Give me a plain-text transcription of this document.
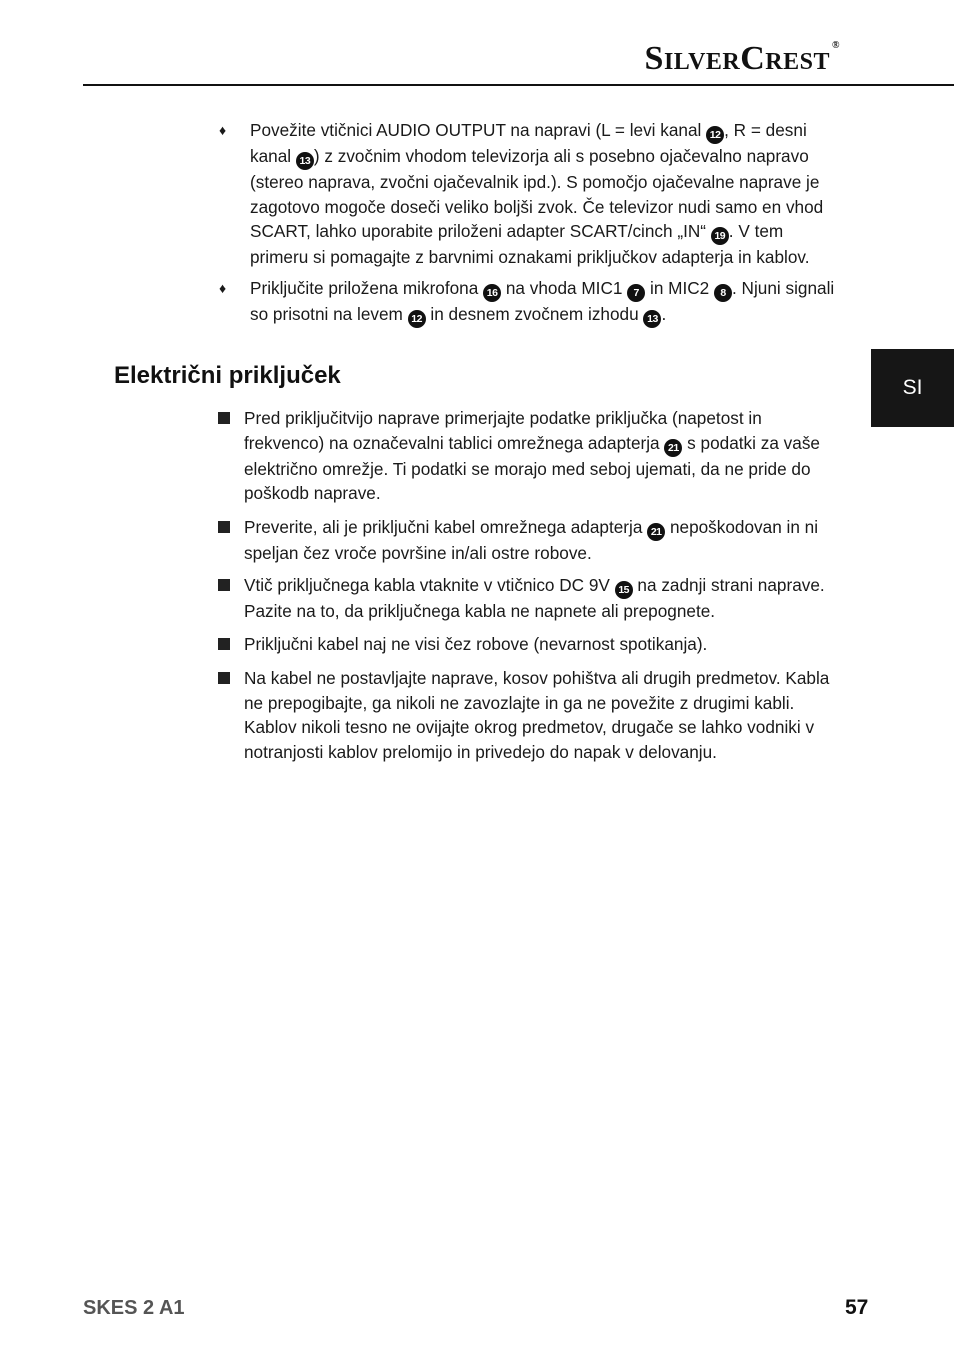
SilverCrest ®
SI
♦	Povežite vtičnici AUDIO OUTPUT na napravi (L = levi kanal 12 , R = desni kanal 13 ) z zvočnim vhodom televizorja ali s posebno ojačevalno napravo (stereo naprava, zvočni ojačevalnik ipd.). S pomočjo ojačevalne naprave je zagotovo mogoče doseči veliko boljši zvok. Če televizor nudi samo en vhod SCART, lahko uporabite priloženi adapter SCART/cinch „IN“ 19 . V tem primeru si pomagajte z barvnimi oznakami priključkov adapterja in kablov.
♦	Priključite priložena mikrofona 16 na vhoda MIC1 7 in MIC2 8 . Njuni signali so prisotni na levem 12 in desnem zvočnem izhodu 13 .
Električni priključek
Pred priključitvijo naprave primerjajte podatke priključka (napetost in frekvenco) na označevalni tablici omrežnega adapterja 21 s podatki za vaše električno omrežje. Ti podatki se morajo med seboj ujemati, da ne pride do poškodb naprave.
Preverite, ali je priključni kabel omrežnega adapterja 21 nepoškodovan in ni speljan čez vroče površine in/ali ostre robove.
Vtič priključnega kabla vtaknite v vtičnico DC 9V 15 na zadnji strani naprave. Pazite na to, da priključnega kabla ne napnete ali prepognete.
Priključni kabel naj ne visi čez robove (nevarnost spotikanja).
Na kabel ne postavljajte naprave, kosov pohištva ali drugih predmetov. Kabla ne prepogibajte, ga nikoli ne zavozlajte in ga ne povežite z drugimi kabli. Kablov nikoli tesno ne ovijajte okrog predmetov, drugače se lahko vodniki v notranjosti kablov prelomijo in privedejo do napak v delovanju.
SKES 2 A1	57
